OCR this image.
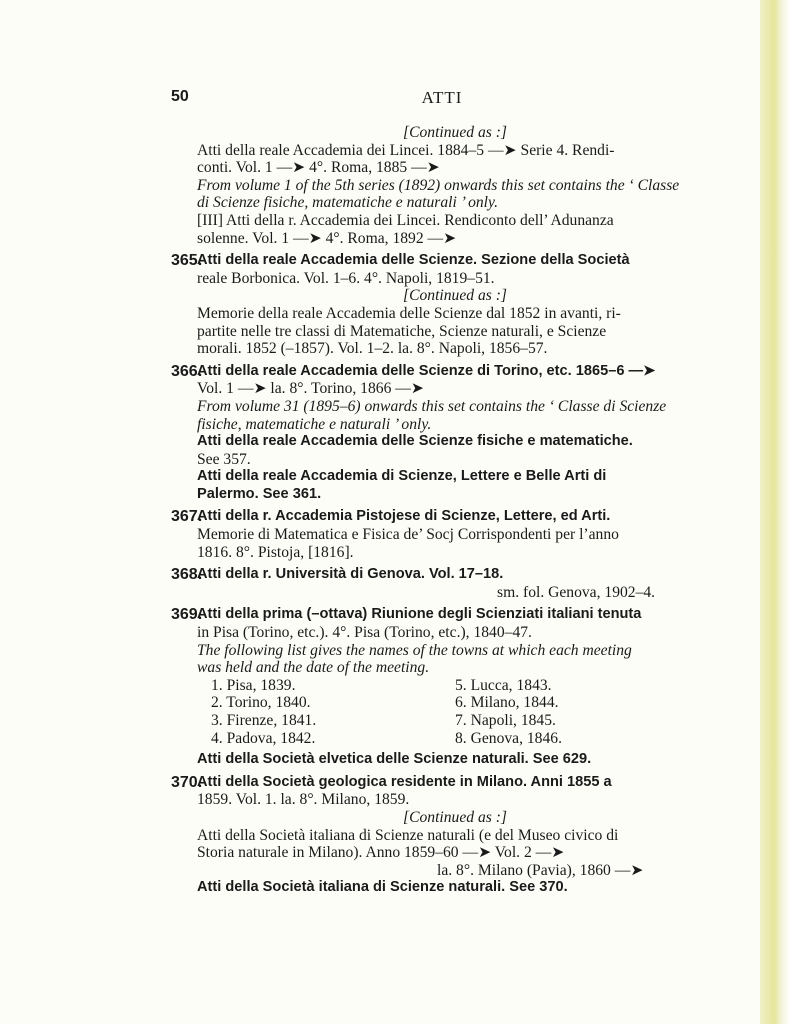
50	ATTI
[Continued as :]
Atti della reale Accademia dei Lincei. 1884–5 —➤ Serie 4. Rendi-
conti. Vol. 1 —➤ 4°. Roma, 1885 —➤
From volume 1 of the 5th series (1892) onwards this set contains the ‘ Classe
di Scienze fisiche, matematiche e naturali ’ only.
[III] Atti della r. Accademia dei Lincei. Rendiconto dell’ Adunanza
solenne. Vol. 1 —➤ 4°. Roma, 1892 —➤
365.
Atti della reale Accademia delle Scienze. Sezione della Società
reale Borbonica. Vol. 1–6. 4°. Napoli, 1819–51.
[Continued as :]
Memorie della reale Accademia delle Scienze dal 1852 in avanti, ri-
partite nelle tre classi di Matematiche, Scienze naturali, e Scienze
morali. 1852 (–1857). Vol. 1–2. la. 8°. Napoli, 1856–57.
366.
Atti della reale Accademia delle Scienze di Torino, etc. 1865–6 —➤
Vol. 1 —➤ la. 8°. Torino, 1866 —➤
From volume 31 (1895–6) onwards this set contains the ‘ Classe di Scienze
fisiche, matematiche e naturali ’ only.
Atti della reale Accademia delle Scienze fisiche e matematiche.
See 357.
Atti della reale Accademia di Scienze, Lettere e Belle Arti di
Palermo. See 361.
367.
Atti della r. Accademia Pistojese di Scienze, Lettere, ed Arti.
Memorie di Matematica e Fisica de’ Socj Corrispondenti per l’anno
1816. 8°. Pistoja, [1816].
368.
Atti della r. Università di Genova. Vol. 17–18.
sm. fol. Genova, 1902–4.
369.
Atti della prima (–ottava) Riunione degli Scienziati italiani tenuta
in Pisa (Torino, etc.). 4°. Pisa (Torino, etc.), 1840–47.
The following list gives the names of the towns at which each meeting
was held and the date of the meeting.
1. Pisa, 1839.
2. Torino, 1840.
3. Firenze, 1841.
4. Padova, 1842.
5. Lucca, 1843.
6. Milano, 1844.
7. Napoli, 1845.
8. Genova, 1846.
Atti della Società elvetica delle Scienze naturali. See 629.
370.
Atti della Società geologica residente in Milano. Anni 1855 a
1859. Vol. 1. la. 8°. Milano, 1859.
[Continued as :]
Atti della Società italiana di Scienze naturali (e del Museo civico di
Storia naturale in Milano). Anno 1859–60 —➤ Vol. 2 —➤
la. 8°. Milano (Pavia), 1860 —➤
Atti della Società italiana di Scienze naturali. See 370.
